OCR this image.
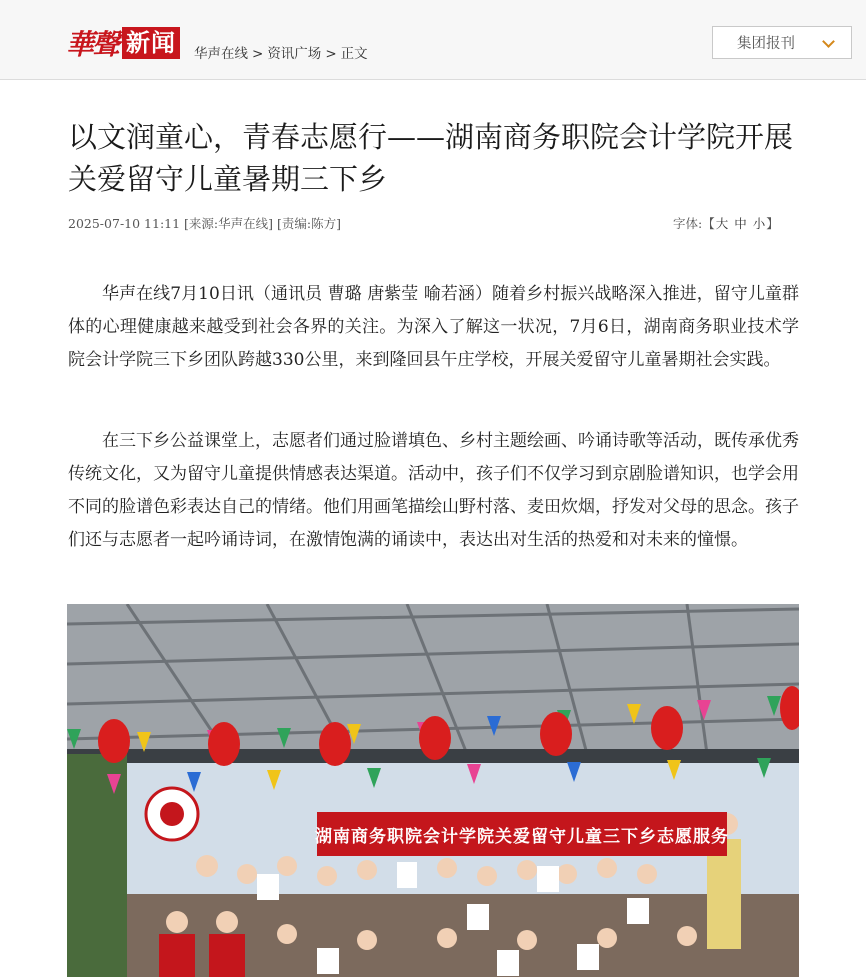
華聲 新闻 华声在线 > 资讯广场 > 正文
集团报刊
以文润童心，青春志愿行——湖南商务职院会计学院开展关爱留守儿童暑期三下乡
2025-07-10 11:11 [来源:华声在线] [责编:陈方]	字体:【大 中 小】

华声在线7月10日讯（通讯员 曹璐 唐紫莹 喻若涵）随着乡村振兴战略深入推进，留守儿童群体的心理健康越来越受到社会各界的关注。为深入了解这一状况，7月6日，湖南商务职业技术学院会计学院三下乡团队跨越330公里，来到隆回县午庄学校，开展关爱留守儿童暑期社会实践。

在三下乡公益课堂上，志愿者们通过脸谱填色、乡村主题绘画、吟诵诗歌等活动，既传承优秀传统文化，又为留守儿童提供情感表达渠道。活动中，孩子们不仅学习到京剧脸谱知识，也学会用不同的脸谱色彩表达自己的情绪。他们用画笔描绘山野村落、麦田炊烟，抒发对父母的思念。孩子们还与志愿者一起吟诵诗词，在激情饱满的诵读中，表达出对生活的热爱和对未来的憧憬。

湖南商务职院会计学院关爱留守儿童三下乡志愿服务
